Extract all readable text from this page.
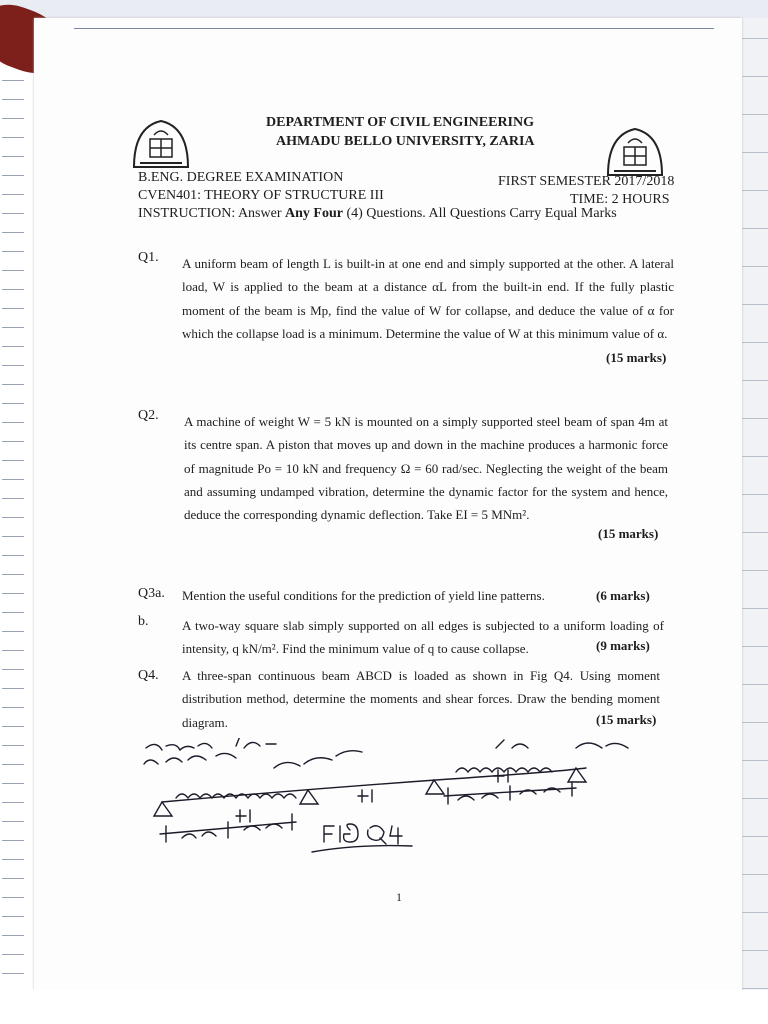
DEPARTMENT OF CIVIL ENGINEERING
AHMADU BELLO UNIVERSITY, ZARIA
B.ENG. DEGREE EXAMINATION	FIRST SEMESTER 2017/2018
CVEN401: THEORY OF STRUCTURE III	TIME: 2 HOURS
INSTRUCTION: Answer Any Four (4) Questions. All Questions Carry Equal Marks
Q1. A uniform beam of length L is built-in at one end and simply supported at the other. A lateral load, W is applied to the beam at a distance αL from the built-in end. If the fully plastic moment of the beam is Mp, find the value of W for collapse, and deduce the value of α for which the collapse load is a minimum. Determine the value of W at this minimum value of α.
(15 marks)
Q2. A machine of weight W = 5 kN is mounted on a simply supported steel beam of span 4m at its centre span. A piston that moves up and down in the machine produces a harmonic force of magnitude Po = 10 kN and frequency Ω = 60 rad/sec. Neglecting the weight of the beam and assuming undamped vibration, determine the dynamic factor for the system and hence, deduce the corresponding dynamic deflection. Take EI = 5 MNm².
(15 marks)
Q3a. Mention the useful conditions for the prediction of yield line patterns.	(6 marks)
b.	A two-way square slab simply supported on all edges is subjected to a uniform loading of intensity, q kN/m². Find the minimum value of q to cause collapse.	(9 marks)
Q4. A three-span continuous beam ABCD is loaded as shown in Fig Q4. Using moment distribution method, determine the moments and shear forces. Draw the bending moment diagram.	(15 marks)
1
